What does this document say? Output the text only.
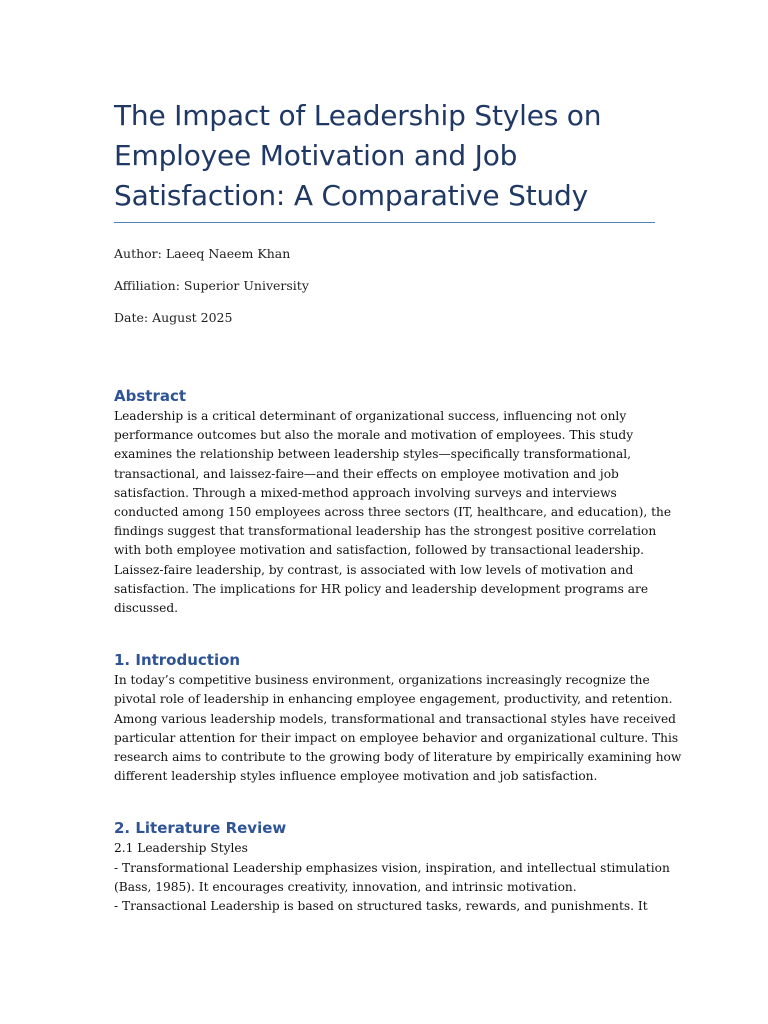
The Impact of Leadership Styles on Employee Motivation and Job Satisfaction: A Comparative Study

Author: Laeeq Naeem Khan

Affiliation: Superior University

Date: August 2025

Abstract
Leadership is a critical determinant of organizational success, influencing not only
performance outcomes but also the morale and motivation of employees. This study
examines the relationship between leadership styles—specifically transformational,
transactional, and laissez-faire—and their effects on employee motivation and job
satisfaction. Through a mixed-method approach involving surveys and interviews
conducted among 150 employees across three sectors (IT, healthcare, and education), the
findings suggest that transformational leadership has the strongest positive correlation
with both employee motivation and satisfaction, followed by transactional leadership.
Laissez-faire leadership, by contrast, is associated with low levels of motivation and
satisfaction. The implications for HR policy and leadership development programs are
discussed.
1. Introduction
In today’s competitive business environment, organizations increasingly recognize the
pivotal role of leadership in enhancing employee engagement, productivity, and retention.
Among various leadership models, transformational and transactional styles have received
particular attention for their impact on employee behavior and organizational culture. This
research aims to contribute to the growing body of literature by empirically examining how
different leadership styles influence employee motivation and job satisfaction.
2. Literature Review
2.1 Leadership Styles
- Transformational Leadership emphasizes vision, inspiration, and intellectual stimulation
(Bass, 1985). It encourages creativity, innovation, and intrinsic motivation.
- Transactional Leadership is based on structured tasks, rewards, and punishments. It
